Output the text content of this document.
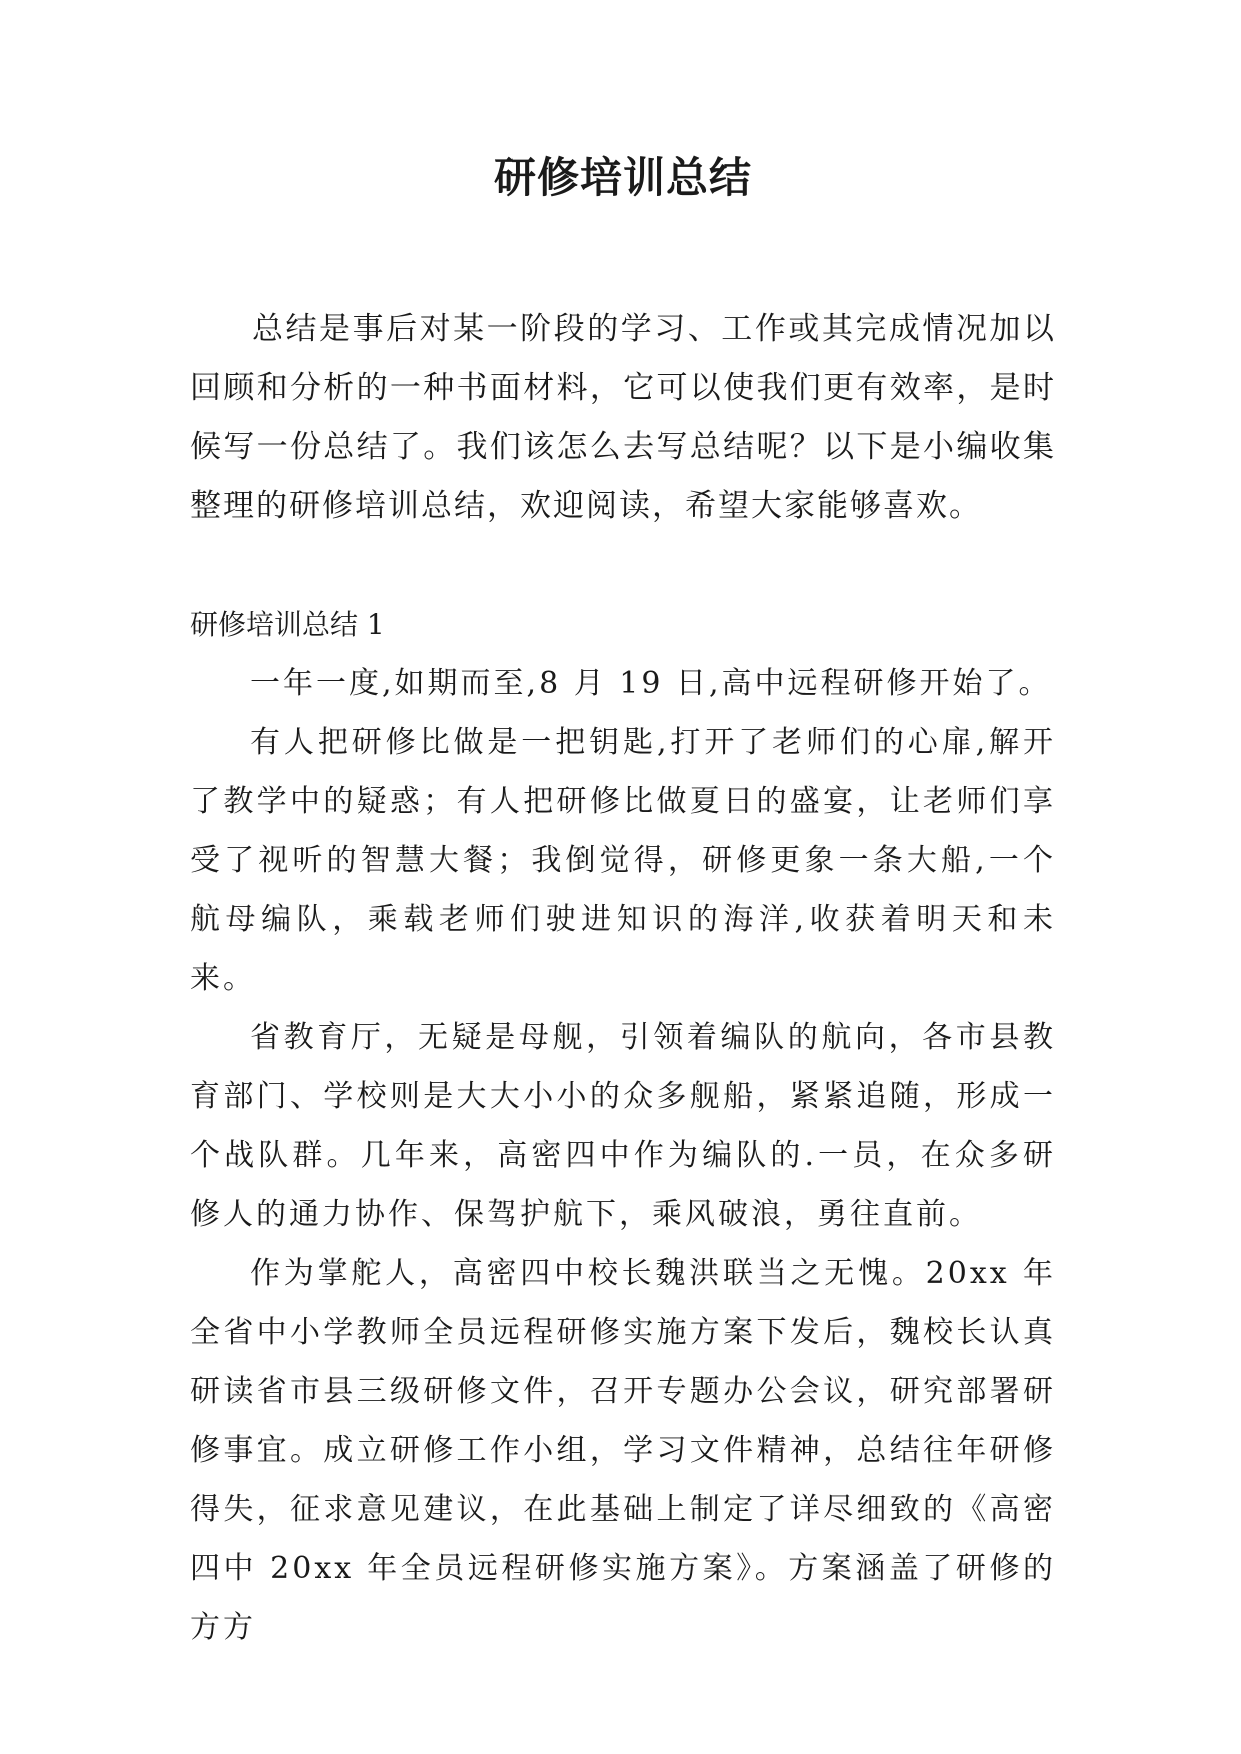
研修培训总结

总结是事后对某一阶段的学习、工作或其完成情况加以回顾和分析的一种书面材料，它可以使我们更有效率，是时候写一份总结了。我们该怎么去写总结呢？以下是小编收集整理的研修培训总结，欢迎阅读，希望大家能够喜欢。

研修培训总结 1

一年一度,如期而至,8 月 19 日,高中远程研修开始了。

有人把研修比做是一把钥匙,打开了老师们的心扉,解开了教学中的疑惑；有人把研修比做夏日的盛宴，让老师们享受了视听的智慧大餐；我倒觉得，研修更象一条大船,一个航母编队，乘载老师们驶进知识的海洋,收获着明天和未来。

省教育厅，无疑是母舰，引领着编队的航向，各市县教育部门、学校则是大大小小的众多舰船，紧紧追随，形成一个战队群。几年来，高密四中作为编队的.一员，在众多研修人的通力协作、保驾护航下，乘风破浪，勇往直前。

作为掌舵人，高密四中校长魏洪联当之无愧。20xx 年全省中小学教师全员远程研修实施方案下发后，魏校长认真研读省市县三级研修文件，召开专题办公会议，研究部署研修事宜。成立研修工作小组，学习文件精神，总结往年研修得失，征求意见建议，在此基础上制定了详尽细致的《高密四中 20xx 年全员远程研修实施方案》。方案涵盖了研修的方方
